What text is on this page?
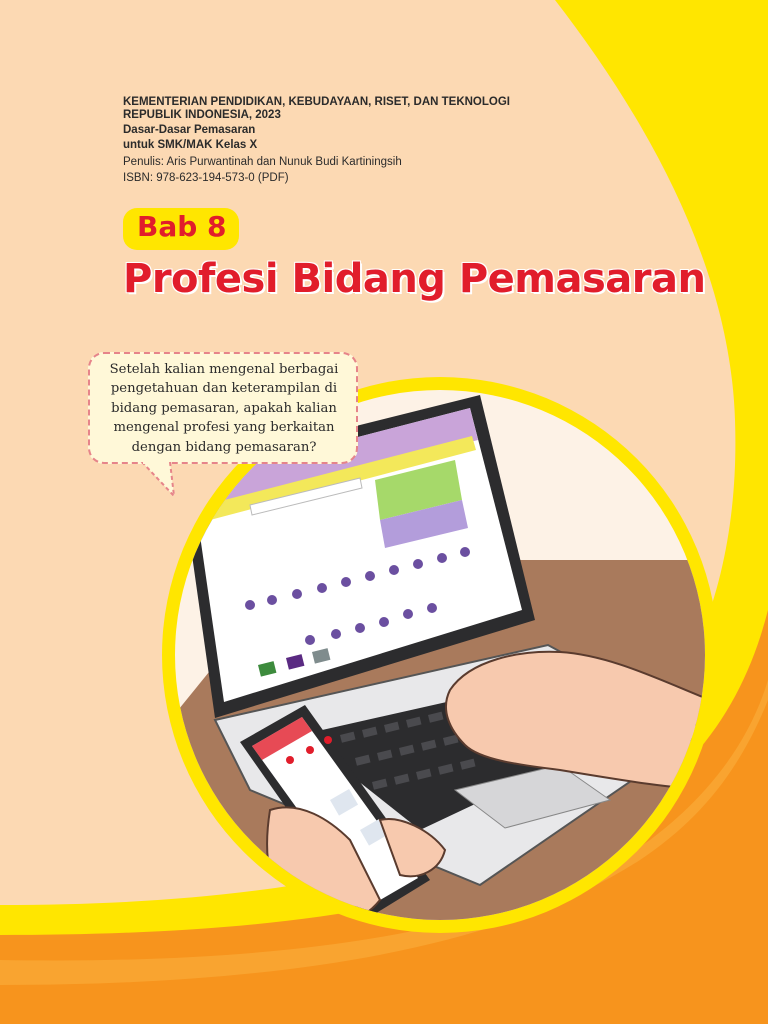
KEMENTERIAN PENDIDIKAN, KEBUDAYAAN, RISET, DAN TEKNOLOGI
REPUBLIK INDONESIA, 2023
Dasar-Dasar Pemasaran
untuk SMK/MAK Kelas X
Penulis: Aris Purwantinah dan Nunuk Budi Kartiningsih
ISBN: 978-623-194-573-0 (PDF)
Bab 8
Profesi Bidang Pemasaran
Setelah kalian mengenal berbagai pengetahuan dan keterampilan di bidang pemasaran, apakah kalian mengenal profesi yang berkaitan dengan bidang pemasaran?
